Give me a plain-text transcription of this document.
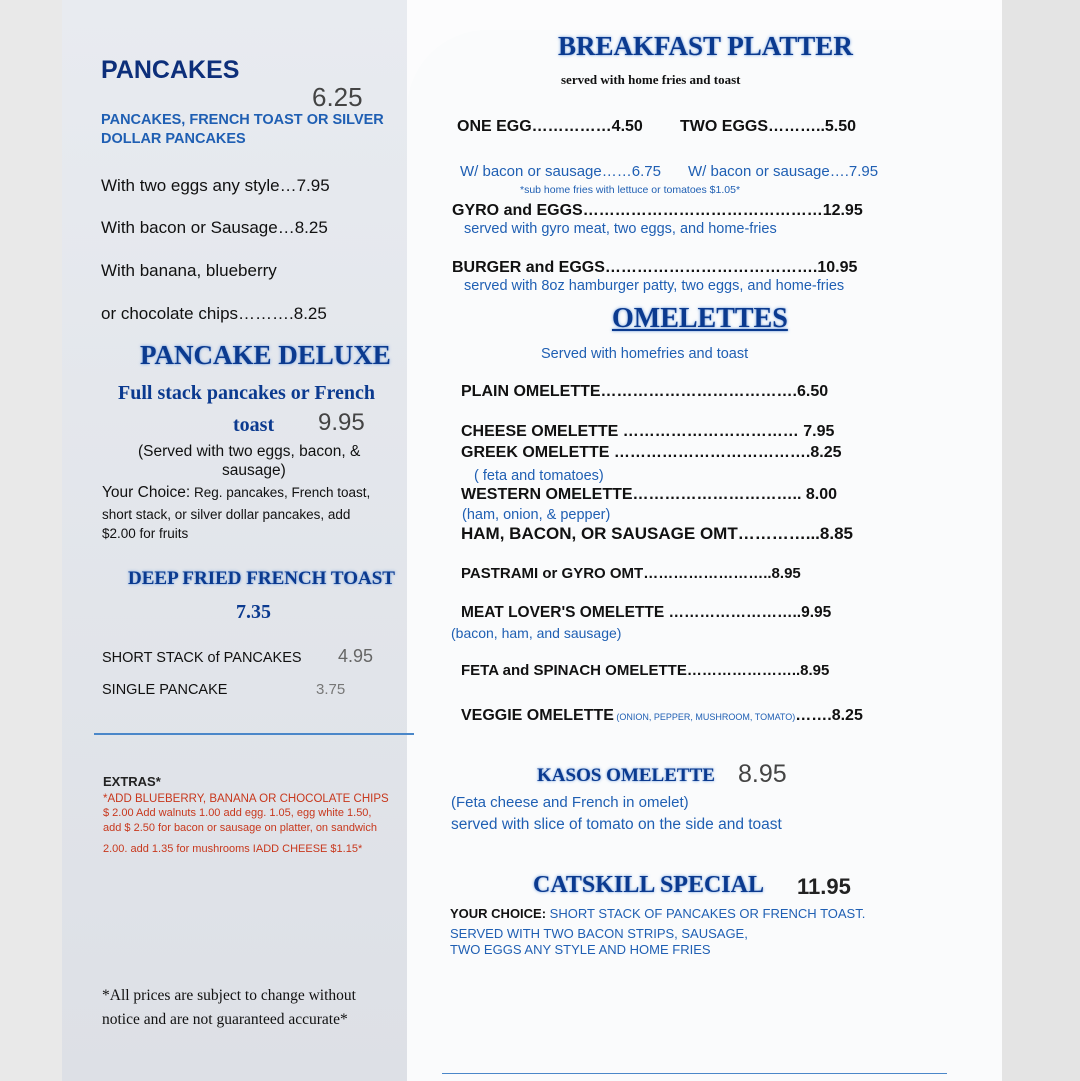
PANCAKES
6.25
PANCAKES, FRENCH TOAST OR SILVER
DOLLAR PANCAKES
With two eggs any style…7.95
With bacon or Sausage…8.25
With banana, blueberry
or chocolate chips……….8.25
PANCAKE DELUXE
Full stack pancakes or French
toast 9.95
(Served with two eggs, bacon, &
sausage)
Your Choice: Reg. pancakes, French toast,
short stack, or silver dollar pancakes, add
$2.00 for fruits
DEEP FRIED FRENCH TOAST
7.35
SHORT STACK of PANCAKES 4.95
SINGLE PANCAKE	3.75
EXTRAS*
*ADD BLUEBERRY, BANANA OR CHOCOLATE CHIPS
$ 2.00 Add walnuts 1.00 add egg. 1.05, egg white 1.50,
add $ 2.50 for bacon or sausage on platter, on sandwich
2.00. add 1.35 for mushrooms IADD CHEESE $1.15*
*All prices are subject to change without
notice and are not guaranteed accurate*
BREAKFAST PLATTER
served with home fries and toast
ONE EGG……………4.50 TWO EGGS………..5.50
W/ bacon or sausage……6.75 W/ bacon or sausage….7.95
*sub home fries with lettuce or tomatoes $1.05*
GYRO and EGGS………………………………………12.95
served with gyro meat, two eggs, and home-fries
BURGER and EGGS………………………………….10.95
served with 8oz hamburger patty, two eggs, and home-fries
OMELETTES
Served with homefries and toast
PLAIN OMELETTE……………………………….6.50
CHEESE OMELETTE …………………………… 7.95
GREEK OMELETTE ……………………………….8.25
( feta and tomatoes)
WESTERN OMELETTE………………………….. 8.00
(ham, onion, & pepper)
HAM, BACON, OR SAUSAGE OMT…………...8.85
PASTRAMI or GYRO OMT……………………..8.95
MEAT LOVER'S OMELETTE ……………………..9.95
(bacon, ham, and sausage)
FETA and SPINACH OMELETTE…………………..8.95
VEGGIE OMELETTE (ONION, PEPPER, MUSHROOM, TOMATO)…….8.25
KASOS OMELETTE 8.95
(Feta cheese and French in omelet)
served with slice of tomato on the side and toast
CATSKILL SPECIAL 11.95
YOUR CHOICE: SHORT STACK OF PANCAKES OR FRENCH TOAST.
SERVED WITH TWO BACON STRIPS, SAUSAGE,
TWO EGGS ANY STYLE AND HOME FRIES
